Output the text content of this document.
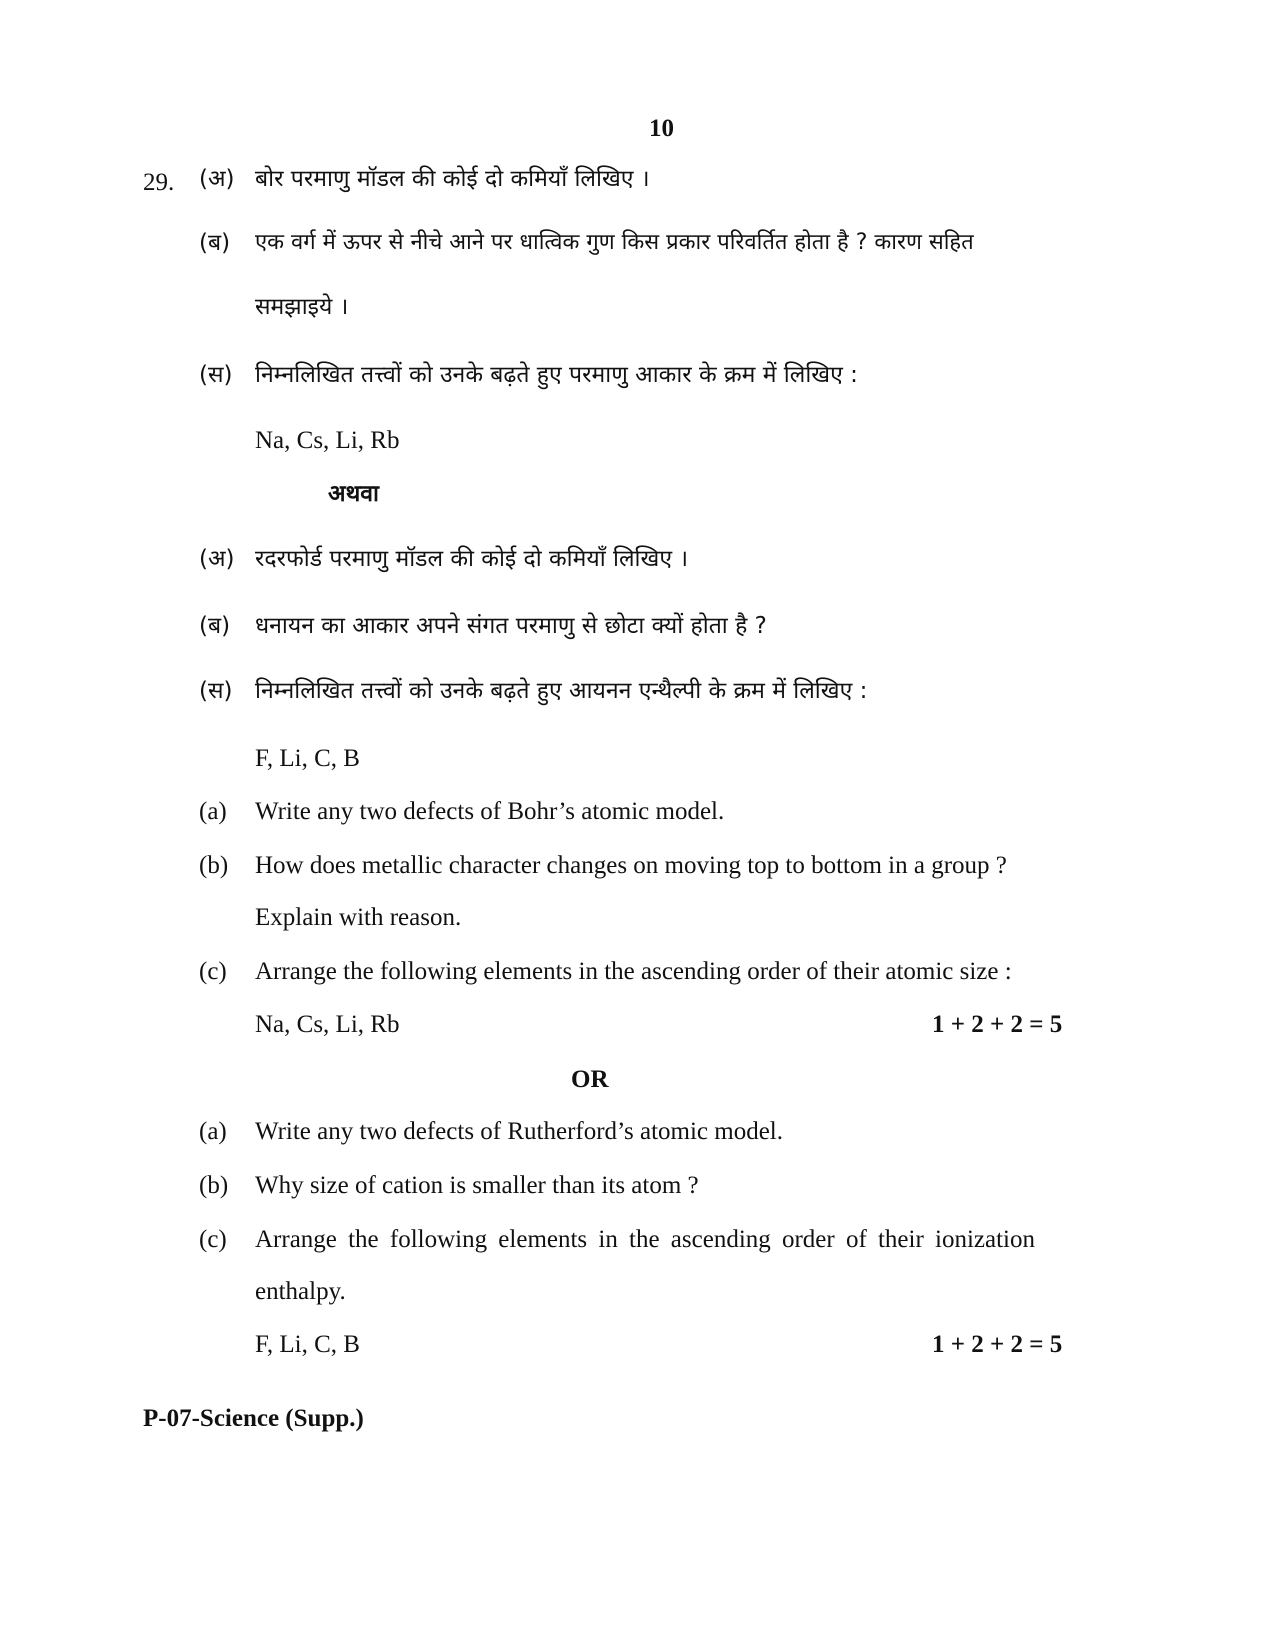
10
29. (अ) बोर परमाणु मॉडल की कोई दो कमियाँ लिखिए ।
(ब) एक वर्ग में ऊपर से नीचे आने पर धात्विक गुण किस प्रकार परिवर्तित होता है ? कारण सहित
समझाइये ।
(स) निम्नलिखित तत्त्वों को उनके बढ़ते हुए परमाणु आकार के क्रम में लिखिए :
Na, Cs, Li, Rb
अथवा
(अ) रदरफोर्ड परमाणु मॉडल की कोई दो कमियाँ लिखिए ।
(ब) धनायन का आकार अपने संगत परमाणु से छोटा क्यों होता है ?
(स) निम्नलिखित तत्त्वों को उनके बढ़ते हुए आयनन एन्थैल्पी के क्रम में लिखिए :
F, Li, C, B
(a) Write any two defects of Bohr’s atomic model.
(b) How does metallic character changes on moving top to bottom in a group ?
Explain with reason.
(c) Arrange the following elements in the ascending order of their atomic size :
Na, Cs, Li, Rb	1 + 2 + 2 = 5
OR
(a) Write any two defects of Rutherford’s atomic model.
(b) Why size of cation is smaller than its atom ?
(c) Arrange the following elements in the ascending order of their ionization
enthalpy.
F, Li, C, B	1 + 2 + 2 = 5
P-07-Science (Supp.)
